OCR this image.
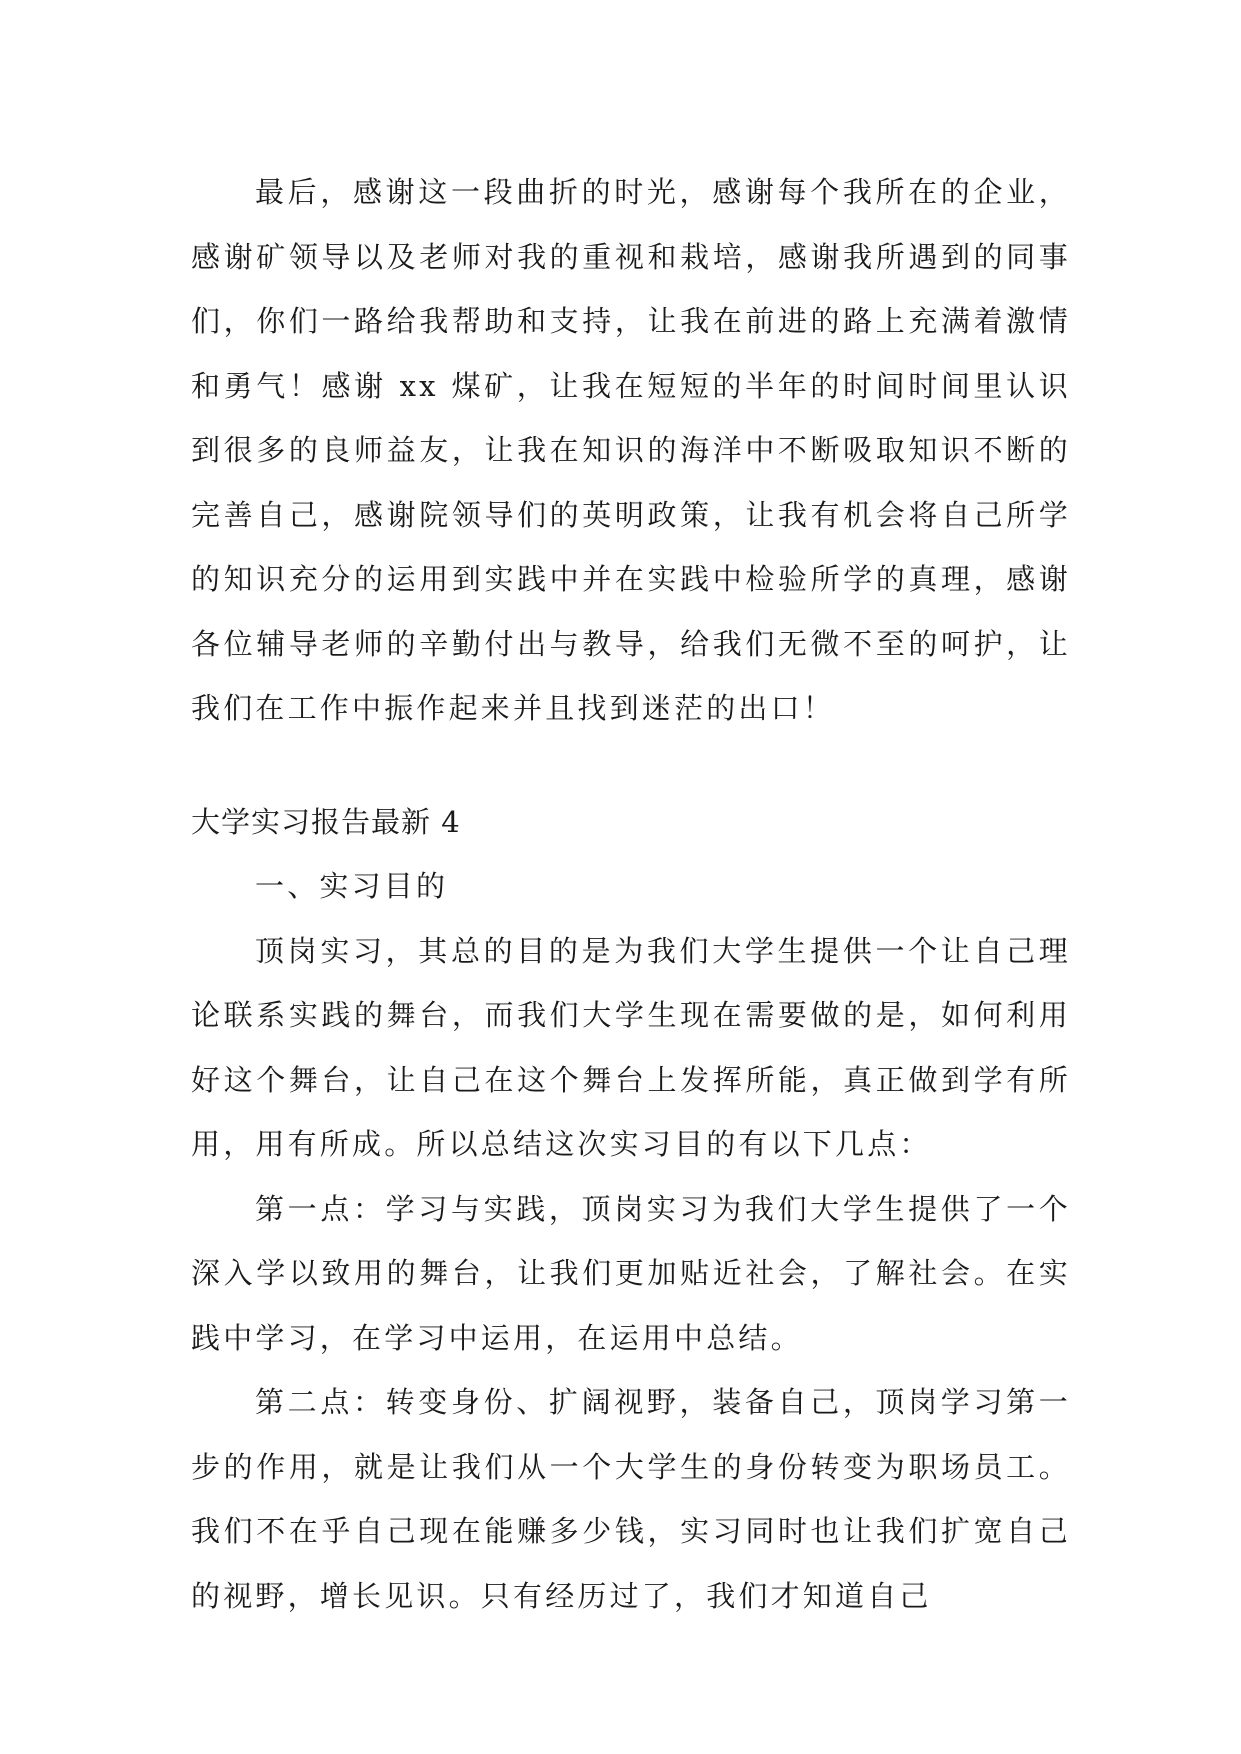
最后，感谢这一段曲折的时光，感谢每个我所在的企业，感谢矿领导以及老师对我的重视和栽培，感谢我所遇到的同事们，你们一路给我帮助和支持，让我在前进的路上充满着激情和勇气！感谢 xx 煤矿，让我在短短的半年的时间时间里认识到很多的良师益友，让我在知识的海洋中不断吸取知识不断的完善自己，感谢院领导们的英明政策，让我有机会将自己所学的知识充分的运用到实践中并在实践中检验所学的真理，感谢各位辅导老师的辛勤付出与教导，给我们无微不至的呵护，让我们在工作中振作起来并且找到迷茫的出口！

大学实习报告最新 4

一、实习目的

顶岗实习，其总的目的是为我们大学生提供一个让自己理论联系实践的舞台，而我们大学生现在需要做的是，如何利用好这个舞台，让自己在这个舞台上发挥所能，真正做到学有所用，用有所成。所以总结这次实习目的有以下几点：

第一点：学习与实践，顶岗实习为我们大学生提供了一个深入学以致用的舞台，让我们更加贴近社会，了解社会。在实践中学习，在学习中运用，在运用中总结。

第二点：转变身份、扩阔视野，装备自己，顶岗学习第一步的作用，就是让我们从一个大学生的身份转变为职场员工。我们不在乎自己现在能赚多少钱，实习同时也让我们扩宽自己的视野，增长见识。只有经历过了，我们才知道自己
